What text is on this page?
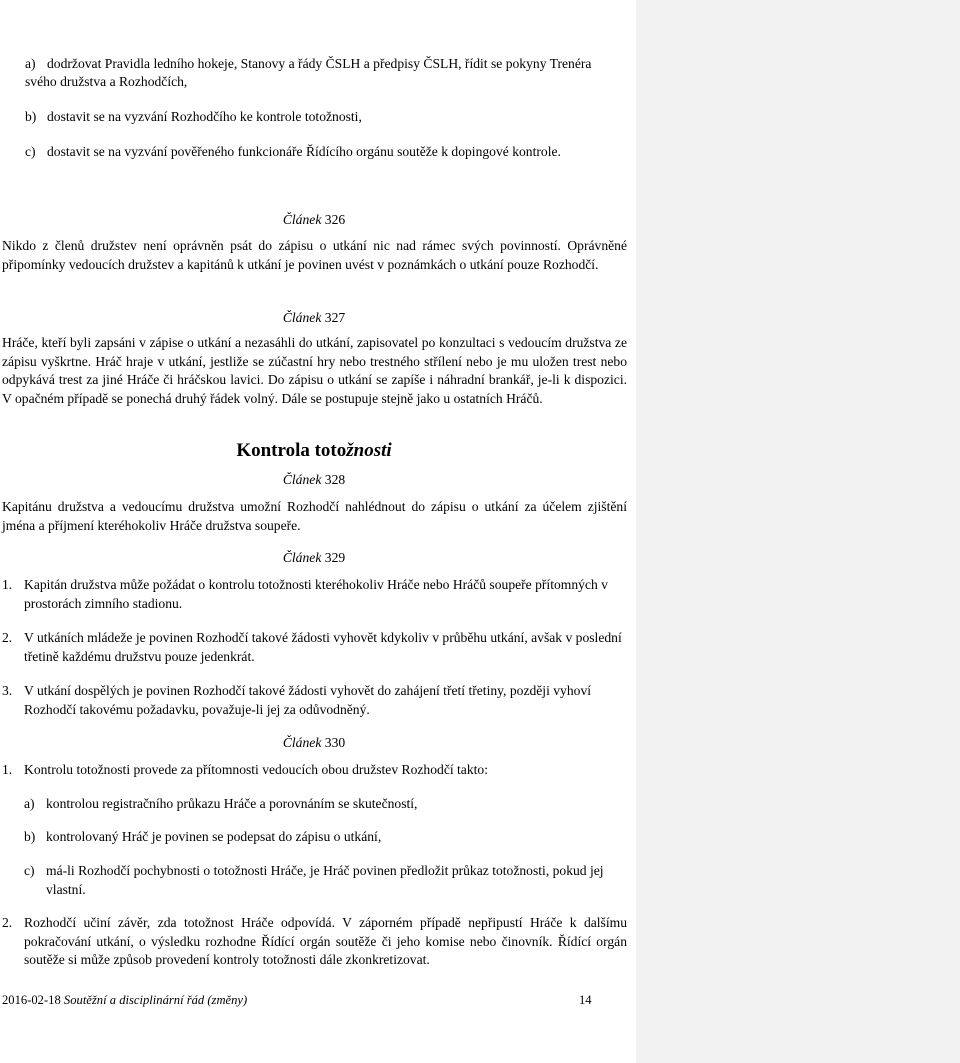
a) dodržovat Pravidla ledního hokeje, Stanovy a řády ČSLH a předpisy ČSLH, řídit se pokyny Trenéra svého družstva a Rozhodčích,
b) dostavit se na vyzvání Rozhodčího ke kontrole totožnosti,
c) dostavit se na vyzvání pověřeného funkcionáře Řídícího orgánu soutěže k dopingové kontrole.
Článek 326
Nikdo z členů družstev není oprávněn psát do zápisu o utkání nic nad rámec svých povinností. Oprávněné připomínky vedoucích družstev a kapitánů k utkání je povinen uvést v poznámkách o utkání pouze Rozhodčí.
Článek 327
Hráče, kteří byli zapsáni v zápise o utkání a nezasáhli do utkání, zapisovatel po konzultaci s vedoucím družstva ze zápisu vyškrtne. Hráč hraje v utkání, jestliže se zúčastní hry nebo trestného střílení nebo je mu uložen trest nebo odpykává trest za jiné Hráče či hráčskou lavici. Do zápisu o utkání se zapíše i náhradní brankář, je-li k dispozici. V opačném případě se ponechá druhý řádek volný. Dále se postupuje stejně jako u ostatních Hráčů.
Kontrola totožnosti
Článek 328
Kapitánu družstva a vedoucímu družstva umožní Rozhodčí nahlédnout do zápisu o utkání za účelem zjištění jména a příjmení kteréhokoliv Hráče družstva soupeře.
Článek 329
1. Kapitán družstva může požádat o kontrolu totožnosti kteréhokoliv Hráče nebo Hráčů soupeře přítomných v prostorách zimního stadionu.
2. V utkáních mládeže je povinen Rozhodčí takové žádosti vyhovět kdykoliv v průběhu utkání, avšak v poslední třetině každému družstvu pouze jedenkrát.
3. V utkání dospělých je povinen Rozhodčí takové žádosti vyhovět do zahájení třetí třetiny, později vyhoví Rozhodčí takovému požadavku, považuje-li jej za odůvodněný.
Článek 330
1. Kontrolu totožnosti provede za přítomnosti vedoucích obou družstev Rozhodčí takto:
a) kontrolou registračního průkazu Hráče a porovnáním se skutečností,
b) kontrolovaný Hráč je povinen se podepsat do zápisu o utkání,
c) má-li Rozhodčí pochybnosti o totožnosti Hráče, je Hráč povinen předložit průkaz totožnosti, pokud jej vlastní.
2. Rozhodčí učiní závěr, zda totožnost Hráče odpovídá. V záporném případě nepřipustí Hráče k dalšímu pokračování utkání, o výsledku rozhodne Řídící orgán soutěže či jeho komise nebo činovník. Řídící orgán soutěže si může způsob provedení kontroly totožnosti dále zkonkretizovat.
2016-02-18 Soutěžní a disciplinární řád (změny)	14
